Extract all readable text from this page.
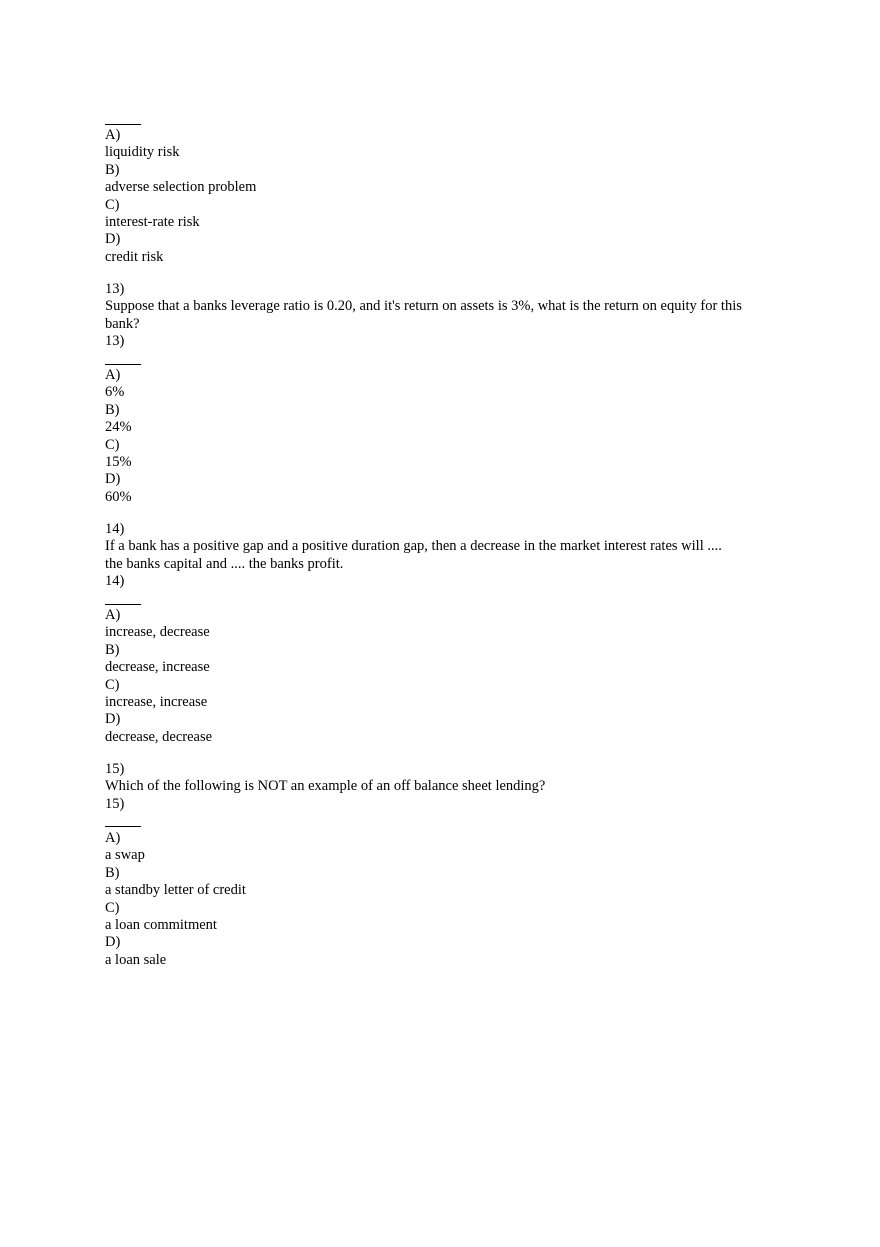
A)
liquidity risk
B)
adverse selection problem
C)
interest-rate risk
D)
credit risk
13)
Suppose that a banks leverage ratio is 0.20, and it's return on assets is 3%, what is the return on equity for this
bank?
13)
A)
6%
B)
24%
C)
15%
D)
60%
14)
If a bank has a positive gap and a positive duration gap, then a decrease in the market interest rates will ....
the banks capital and .... the banks profit.
14)
A)
increase, decrease
B)
decrease, increase
C)
increase, increase
D)
decrease, decrease
15)
Which of the following is NOT an example of an off balance sheet lending?
15)
A)
a swap
B)
a standby letter of credit
C)
a loan commitment
D)
a loan sale
